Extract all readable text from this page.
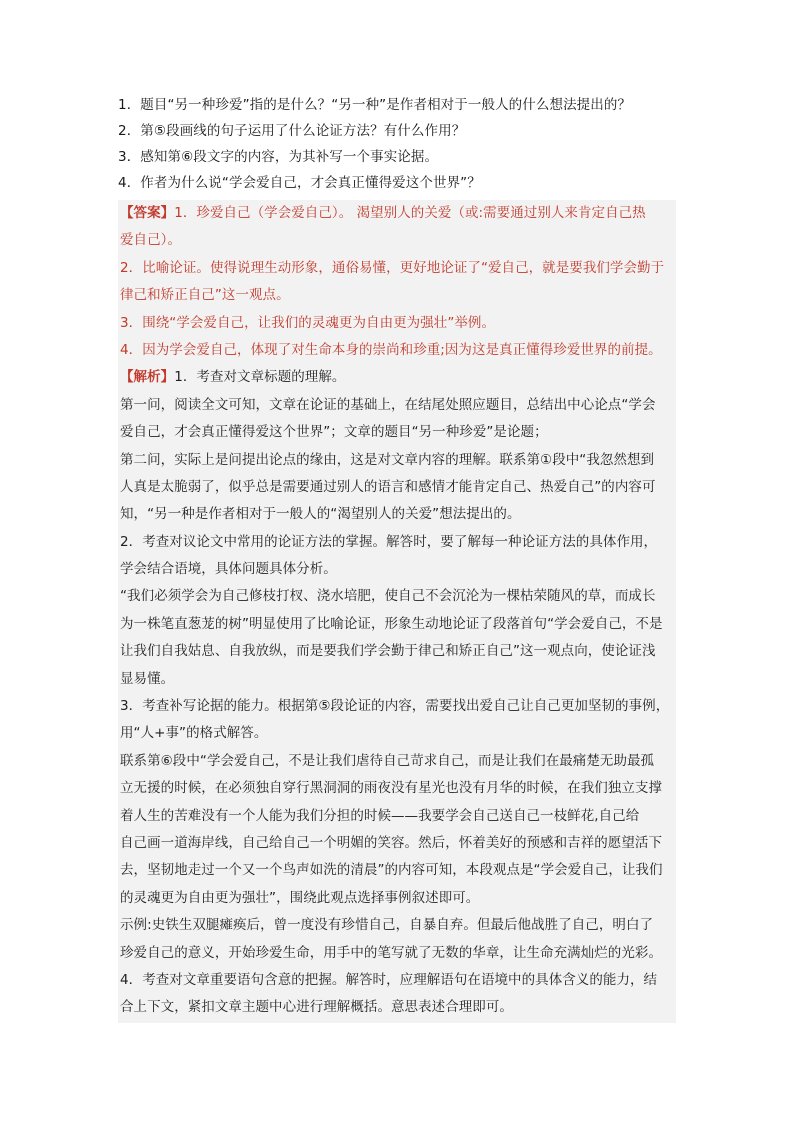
1．题目“另一种珍爱”指的是什么？“另一种”是作者相对于一般人的什么想法提出的？
2．第⑤段画线的句子运用了什么论证方法？有什么作用？
3．感知第⑥段文字的内容，为其补写一个事实论据。
4．作者为什么说“学会爱自己，才会真正懂得爱这个世界”？
【答案】1．珍爱自己（学会爱自己）。 渴望别人的关爱（或:需要通过别人来肯定自己热
爱自己）。
2．比喻论证。使得说理生动形象，通俗易懂，更好地论证了“爱自己，就是要我们学会勤于
律己和矫正自己”这一观点。
3．围绕“学会爱自己，让我们的灵魂更为自由更为强壮”举例。
4．因为学会爱自己，体现了对生命本身的崇尚和珍重;因为这是真正懂得珍爱世界的前提。
【解析】1．考查对文章标题的理解。
第一问，阅读全文可知，文章在论证的基础上，在结尾处照应题目，总结出中心论点“学会
爱自己，才会真正懂得爱这个世界”；文章的题目“另一种珍爱”是论题；
第二问，实际上是问提出论点的缘由，这是对文章内容的理解。联系第①段中“我忽然想到
人真是太脆弱了，似乎总是需要通过别人的语言和感情才能肯定自己、热爱自己”的内容可
知，“另一种是作者相对于一般人的“渴望别人的关爱”想法提出的。
2．考查对议论文中常用的论证方法的掌握。解答时，要了解每一种论证方法的具体作用，
学会结合语境，具体问题具体分析。
“我们必须学会为自己修枝打杈、浇水培肥，使自己不会沉沦为一棵枯荣随风的草，而成长
为一株笔直葱茏的树”明显使用了比喻论证，形象生动地论证了段落首句“学会爱自己，不是
让我们自我姑息、自我放纵，而是要我们学会勤于律己和矫正自己”这一观点向，使论证浅
显易懂。
3．考查补写论据的能力。根据第⑤段论证的内容，需要找出爱自己让自己更加坚韧的事例，
用“人+事”的格式解答。
联系第⑥段中“学会爱自己，不是让我们虐待自己苛求自己，而是让我们在最痛楚无助最孤
立无援的时候，在必须独自穿行黑洞洞的雨夜没有星光也没有月华的时候，在我们独立支撑
着人生的苦难没有一个人能为我们分担的时候——我要学会自己送自己一枝鲜花,自己给
自己画一道海岸线，自己给自己一个明媚的笑容。然后，怀着美好的预感和吉祥的愿望活下
去，坚韧地走过一个又一个鸟声如洗的清晨”的内容可知，本段观点是“学会爱自己，让我们
的灵魂更为自由更为强壮”，围绕此观点选择事例叙述即可。
示例:史铁生双腿瘫痪后，曾一度没有珍惜自己，自暴自弃。但最后他战胜了自己，明白了
珍爱自己的意义，开始珍爱生命，用手中的笔写就了无数的华章，让生命充满灿烂的光彩。
4．考查对文章重要语句含意的把握。解答时，应理解语句在语境中的具体含义的能力，结
合上下文，紧扣文章主题中心进行理解概括。意思表述合理即可。
